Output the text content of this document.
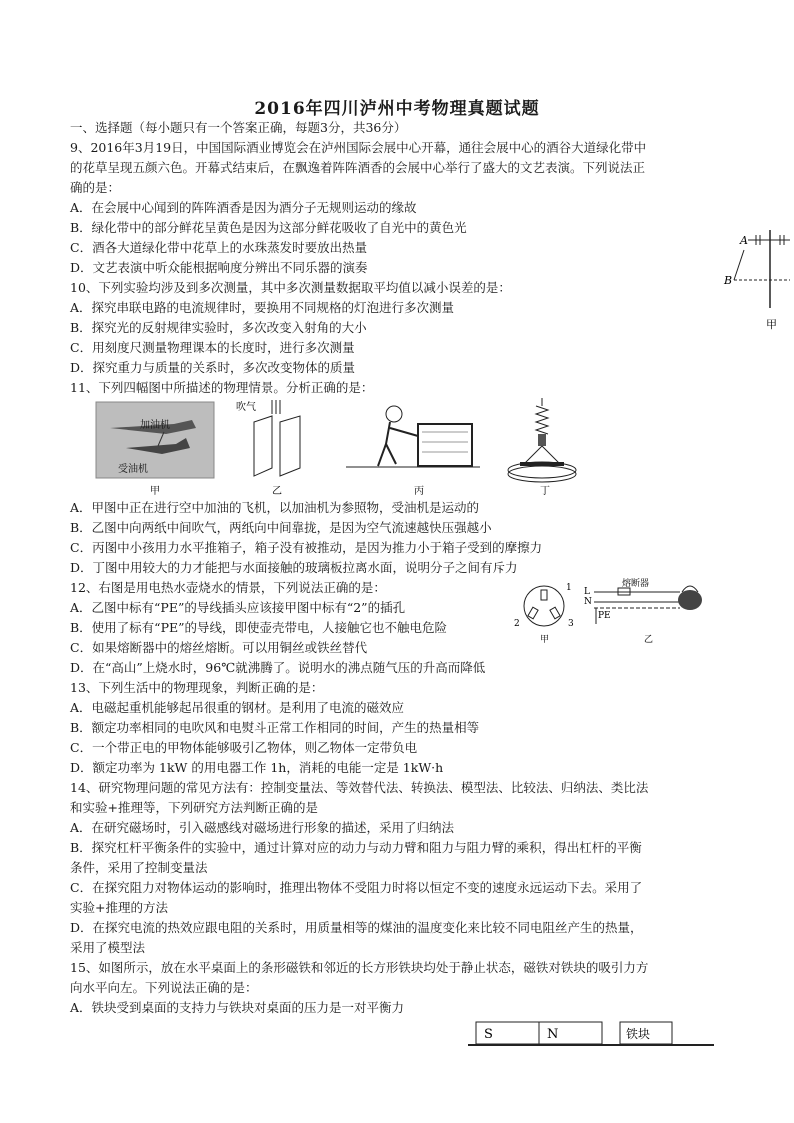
2016年四川泸州中考物理真题试题
一、选择题（每小题只有一个答案正确，每题3分，共36分）
9、2016年3月19日，中国国际酒业博览会在泸州国际会展中心开幕，通往会展中心的酒谷大道绿化带中
的花草呈现五颜六色。开幕式结束后，在飘逸着阵阵酒香的会展中心举行了盛大的文艺表演。下列说法正
确的是：
A．在会展中心闻到的阵阵酒香是因为酒分子无规则运动的缘故
B．绿化带中的部分鲜花呈黄色是因为这部分鲜花吸收了自光中的黄色光
C．酒各大道绿化带中花草上的水珠蒸发时要放出热量
D．文艺表演中听众能根据响度分辨出不同乐器的演奏
10、下列实验均涉及到多次测量，其中多次测量数据取平均值以减小误差的是：
A．探究串联电路的电流规律时，要换用不同规格的灯泡进行多次测量
B．探究光的反射规律实验时，多次改变入射角的大小
C．用刻度尺测量物理课本的长度时，进行多次测量
D．探究重力与质量的关系时，多次改变物体的质量
11、下列四幅图中所描述的物理情景。分析正确的是：
A．甲图中正在进行空中加油的飞机，以加油机为参照物，受油机是运动的
B．乙图中向两纸中间吹气，两纸向中间靠拢，是因为空气流速越快压强越小
C．丙图中小孩用力水平推箱子，箱子没有被推动，是因为推力小于箱子受到的摩擦力
D．丁图中用较大的力才能把与水面接触的玻璃板拉离水面，说明分子之间有斥力
12、右图是用电热水壶烧水的情景，下列说法正确的是：
A．乙图中标有“PE”的导线插头应该接甲图中标有“2”的插孔
B．使用了标有“PE”的导线，即使壶壳带电，人接触它也不触电危险
C．如果熔断器中的熔丝熔断。可以用铜丝或铁丝替代
D．在“高山”上烧水时，96℃就沸腾了。说明水的沸点随气压的升高而降低
13、下列生活中的物理现象，判断正确的是：
A．电磁起重机能够起吊很重的钢材。是利用了电流的磁效应
B．额定功率相同的电吹风和电熨斗正常工作相同的时间，产生的热量相等
C．一个带正电的甲物体能够吸引乙物体，则乙物体一定带负电
D．额定功率为 1kW 的用电器工作 1h，消耗的电能一定是 1kW·h
14、研究物理问题的常见方法有：控制变量法、等效替代法、转换法、模型法、比较法、归纳法、类比法
和实验+推理等，下列研究方法判断正确的是
A．在研究磁场时，引入磁感线对磁场进行形象的描述，采用了归纳法
B．探究杠杆平衡条件的实验中，通过计算对应的动力与动力臂和阻力与阻力臂的乘积，得出杠杆的平衡
条件，采用了控制变量法
C．在探究阻力对物体运动的影响时，推理出物体不受阻力时将以恒定不变的速度永远运动下去。采用了
实验+推理的方法
D．在探究电流的热效应跟电阻的关系时，用质量相等的煤油的温度变化来比较不同电阻丝产生的热量，
采用了模型法
15、如图所示，放在水平桌面上的条形磁铁和邻近的长方形铁块均处于静止状态，磁铁对铁块的吸引力方
向水平向左。下列说法正确的是：
A．铁块受到桌面的支持力与铁块对桌面的压力是一对平衡力
A
B
甲
加油机
受油机
甲
吹气
乙	丙	丁
1
2	3
甲
L
N
熔断器
PE
乙
S	N	铁块
